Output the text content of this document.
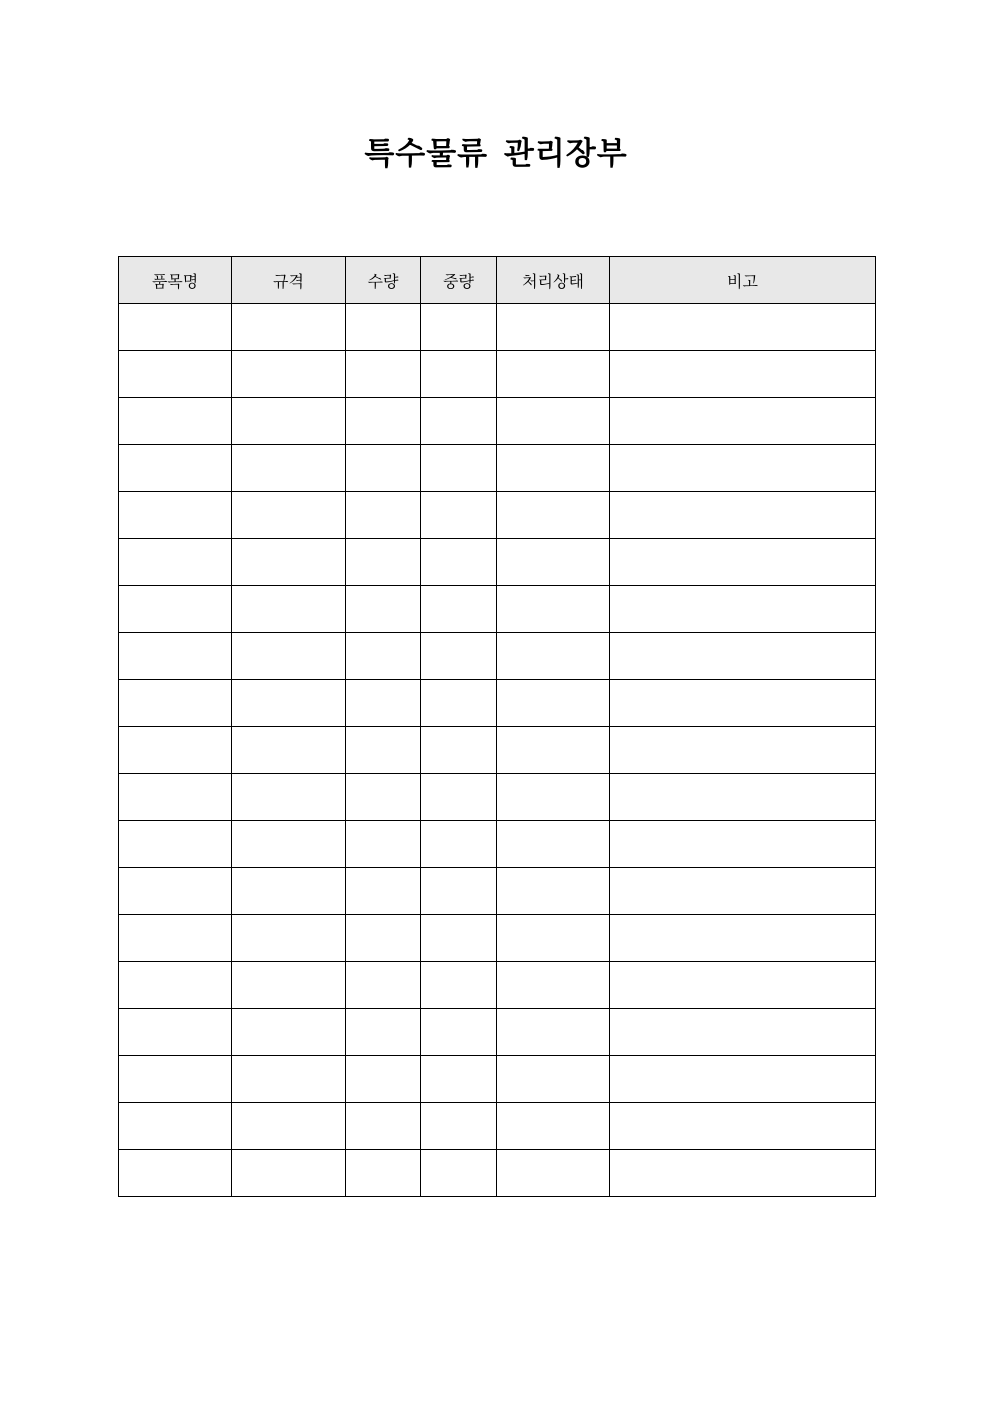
특수물류 관리장부
품목명	규격	수량	중량	처리상태	비고
